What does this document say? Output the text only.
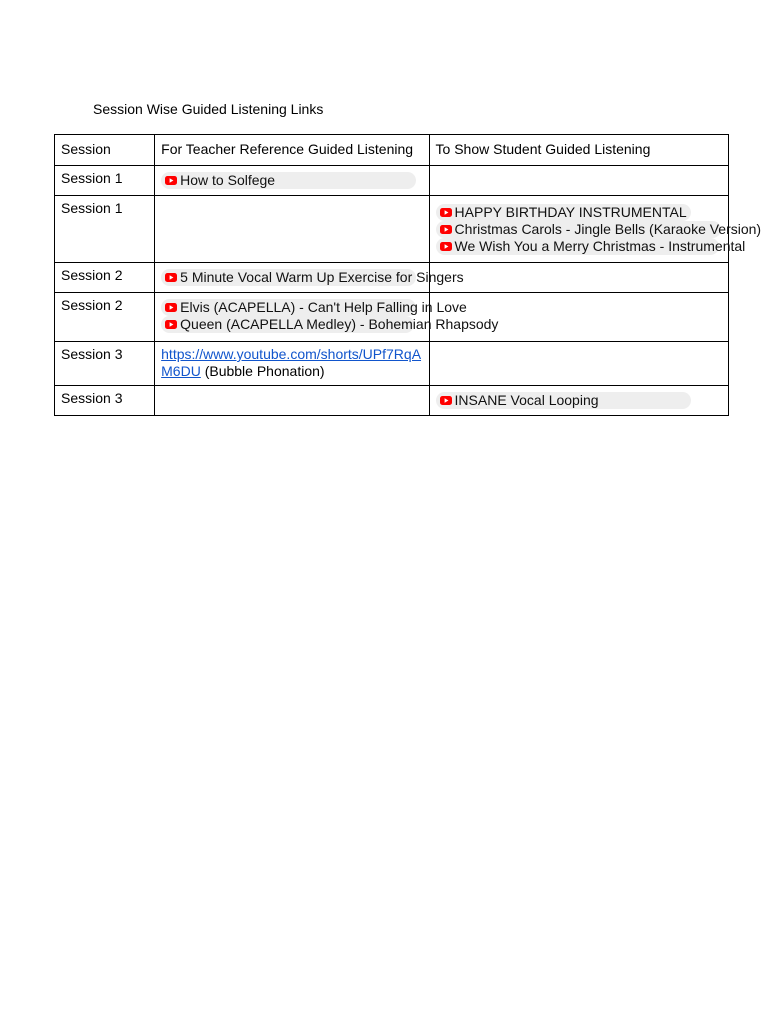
Session Wise Guided Listening Links
Session	For Teacher Reference Guided Listening	To Show Student Guided Listening
Session 1	How to Solfege	

Session 1		HAPPY BIRTHDAY INSTRUMENTAL
Christmas Carols - Jingle Bells (Karaoke Version)
We Wish You a Merry Christmas - Instrumental

Session 2	5 Minute Vocal Warm Up Exercise for Singers	

Session 2	Elvis (ACAPELLA) - Can't Help Falling in Love
Queen (ACAPELLA Medley) - Bohemian Rhapsody	

Session 3	https://www.youtube.com/shorts/UPf7RqAM6DU (Bubble Phonation)	
Session 3		INSANE Vocal Looping
